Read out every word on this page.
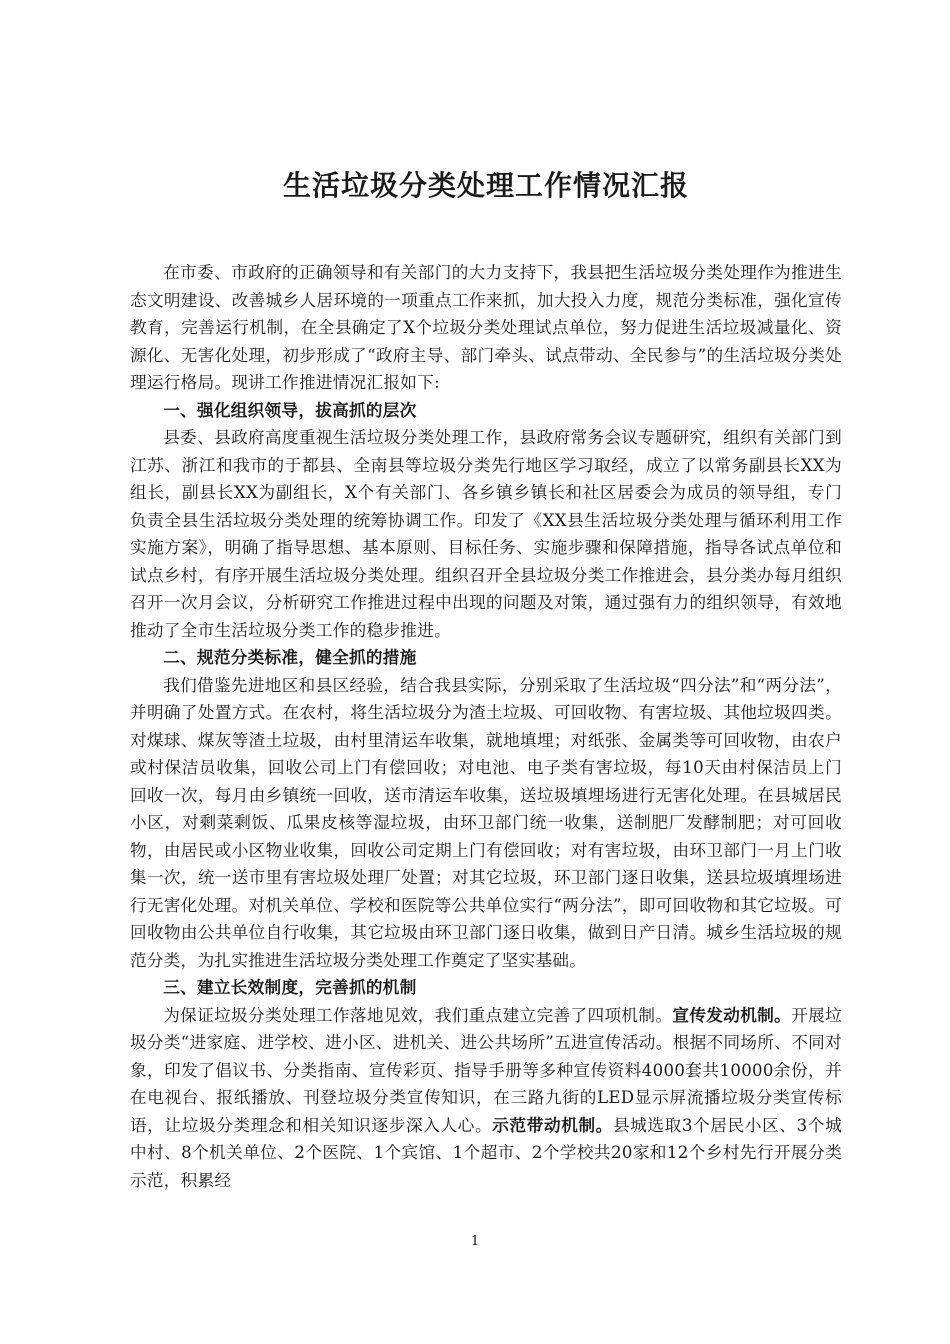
生活垃圾分类处理工作情况汇报

在市委、市政府的正确领导和有关部门的大力支持下，我县把生活垃圾分类处理作为推进生态文明建设、改善城乡人居环境的一项重点工作来抓，加大投入力度，规范分类标准，强化宣传教育，完善运行机制，在全县确定了X个垃圾分类处理试点单位，努力促进生活垃圾减量化、资源化、无害化处理，初步形成了“政府主导、部门牵头、试点带动、全民参与”的生活垃圾分类处理运行格局。现讲工作推进情况汇报如下:

一、强化组织领导，拔高抓的层次

县委、县政府高度重视生活垃圾分类处理工作，县政府常务会议专题研究，组织有关部门到江苏、浙江和我市的于都县、全南县等垃圾分类先行地区学习取经，成立了以常务副县长XX为组长，副县长XX为副组长，X个有关部门、各乡镇乡镇长和社区居委会为成员的领导组，专门负责全县生活垃圾分类处理的统筹协调工作。印发了《XX县生活垃圾分类处理与循环利用工作实施方案》，明确了指导思想、基本原则、目标任务、实施步骤和保障措施，指导各试点单位和试点乡村，有序开展生活垃圾分类处理。组织召开全县垃圾分类工作推进会，县分类办每月组织召开一次月会议，分析研究工作推进过程中出现的问题及对策，通过强有力的组织领导，有效地推动了全市生活垃圾分类工作的稳步推进。

二、规范分类标准，健全抓的措施

我们借鉴先进地区和县区经验，结合我县实际，分别采取了生活垃圾“四分法”和“两分法”，并明确了处置方式。在农村，将生活垃圾分为渣土垃圾、可回收物、有害垃圾、其他垃圾四类。对煤球、煤灰等渣土垃圾，由村里清运车收集，就地填埋；对纸张、金属类等可回收物，由农户或村保洁员收集，回收公司上门有偿回收；对电池、电子类有害垃圾，每10天由村保洁员上门回收一次，每月由乡镇统一回收，送市清运车收集，送垃圾填埋场进行无害化处理。在县城居民小区，对剩菜剩饭、瓜果皮核等湿垃圾，由环卫部门统一收集，送制肥厂发酵制肥；对可回收物，由居民或小区物业收集，回收公司定期上门有偿回收；对有害垃圾，由环卫部门一月上门收集一次，统一送市里有害垃圾处理厂处置；对其它垃圾，环卫部门逐日收集，送县垃圾填埋场进行无害化处理。对机关单位、学校和医院等公共单位实行“两分法”，即可回收物和其它垃圾。可回收物由公共单位自行收集，其它垃圾由环卫部门逐日收集，做到日产日清。城乡生活垃圾的规范分类，为扎实推进生活垃圾分类处理工作奠定了坚实基础。

三、建立长效制度，完善抓的机制

为保证垃圾分类处理工作落地见效，我们重点建立完善了四项机制。宣传发动机制。开展垃圾分类“进家庭、进学校、进小区、进机关、进公共场所”五进宣传活动。根据不同场所、不同对象，印发了倡议书、分类指南、宣传彩页、指导手册等多种宣传资料4000套共10000余份，并在电视台、报纸播放、刊登垃圾分类宣传知识，在三路九街的LED显示屏流播垃圾分类宣传标语，让垃圾分类理念和相关知识逐步深入人心。示范带动机制。县城选取3个居民小区、3个城中村、8个机关单位、2个医院、1个宾馆、1个超市、2个学校共20家和12个乡村先行开展分类示范，积累经

1
